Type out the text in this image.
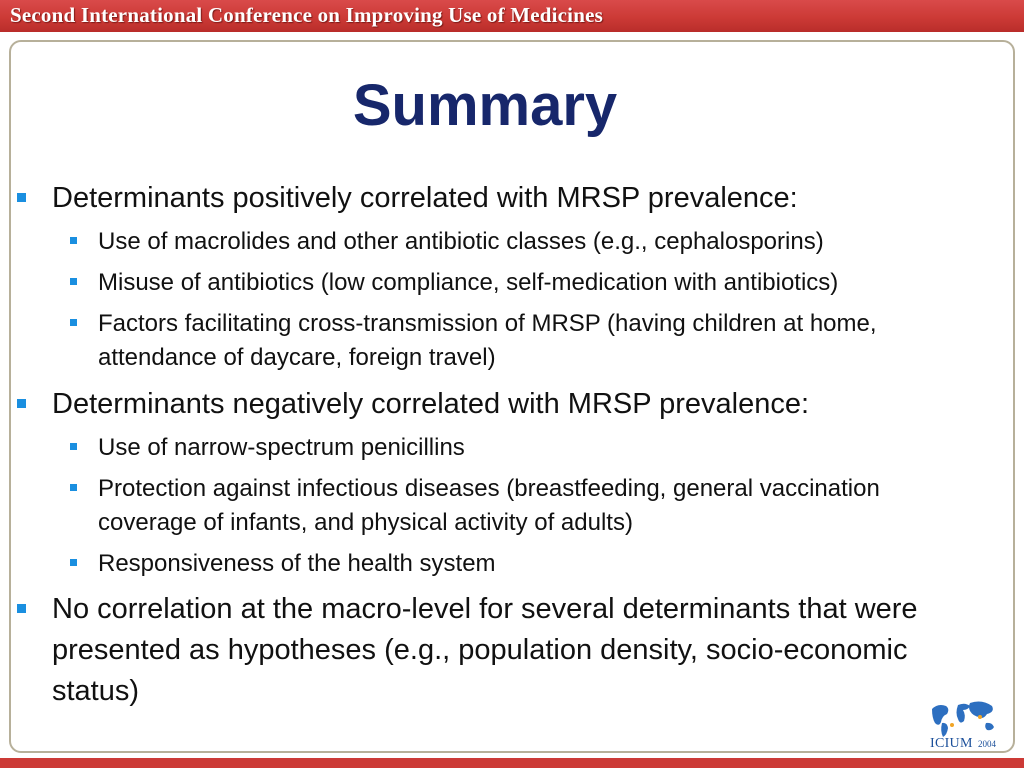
Second International Conference on Improving Use of Medicines
Summary

Determinants positively correlated with MRSP prevalence:

Use of macrolides and other antibiotic classes (e.g., cephalosporins)

Misuse of antibiotics (low compliance, self-medication with antibiotics)

Factors facilitating cross-transmission of MRSP (having children at home, attendance of daycare, foreign travel)

Determinants negatively correlated with MRSP prevalence:

Use of narrow-spectrum penicillins

Protection against infectious diseases (breastfeeding, general vaccination coverage of infants, and physical activity of adults)

Responsiveness of the health system

No correlation at the macro-level for several determinants that were presented as hypotheses (e.g., population density, socio-economic status)

ICIUM 2004
